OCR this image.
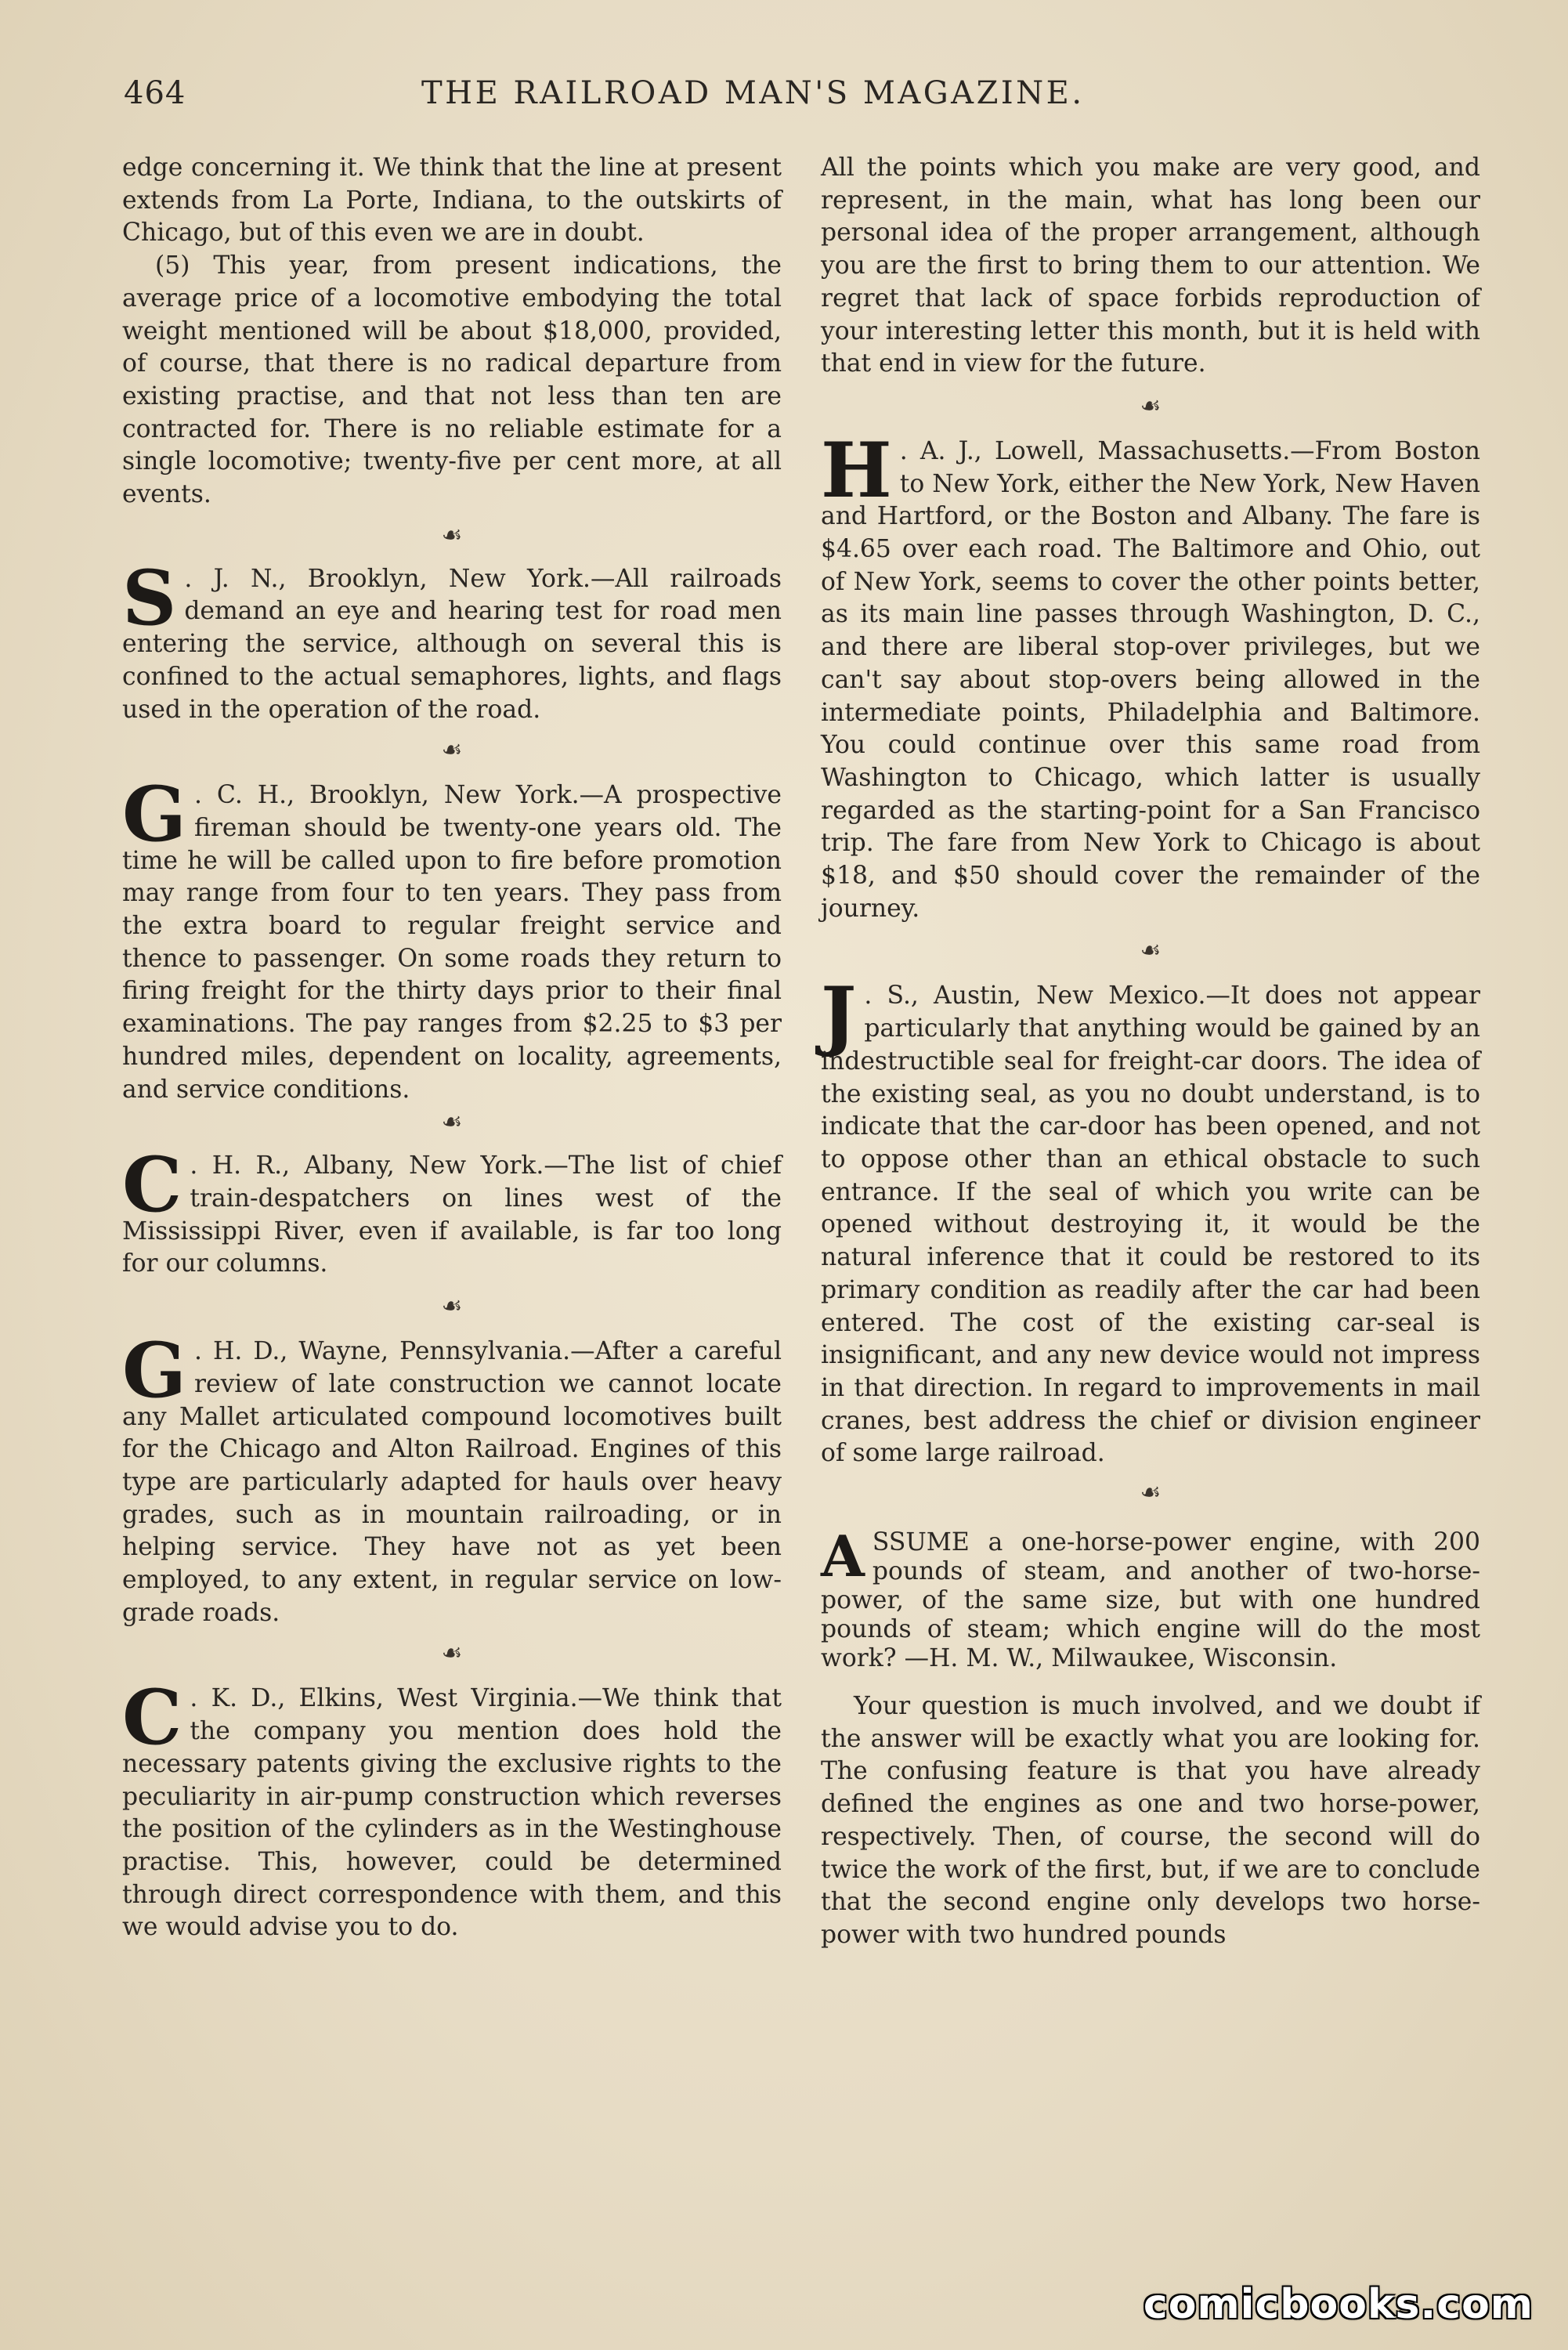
464	THE RAILROAD MAN'S MAGAZINE.

edge concerning it. We think that the line at present extends from La Porte, Indiana, to the outskirts of Chicago, but of this even we are in doubt.

(5) This year, from present indications, the average price of a locomotive embodying the total weight mentioned will be about $18,000, provided, of course, that there is no radical departure from existing practise, and that not less than ten are contracted for. There is no reliable estimate for a single locomotive; twenty-five per cent more, at all events.

☙

S . J. N., Brooklyn, New York.—All railroads demand an eye and hearing test for road men entering the service, although on several this is confined to the actual semaphores, lights, and flags used in the operation of the road.

☙

G . C. H., Brooklyn, New York.—A prospective fireman should be twenty-one years old. The time he will be called upon to fire before promotion may range from four to ten years. They pass from the extra board to regular freight service and thence to passenger. On some roads they return to firing freight for the thirty days prior to their final examinations. The pay ranges from $2.25 to $3 per hundred miles, dependent on locality, agreements, and service conditions.

☙

C . H. R., Albany, New York.—The list of chief train-despatchers on lines west of the Mississippi River, even if available, is far too long for our columns.

☙

G . H. D., Wayne, Pennsylvania.—After a careful review of late construction we cannot locate any Mallet articulated compound locomotives built for the Chicago and Alton Railroad. Engines of this type are particularly adapted for hauls over heavy grades, such as in mountain railroading, or in helping service. They have not as yet been employed, to any extent, in regular service on low-grade roads.

☙

C . K. D., Elkins, West Virginia.—We think that the company you mention does hold the necessary patents giving the exclusive rights to the peculiarity in air-pump construction which reverses the position of the cylinders as in the Westinghouse practise. This, however, could be determined through direct correspondence with them, and this we would advise you to do.

All the points which you make are very good, and represent, in the main, what has long been our personal idea of the proper arrangement, although you are the first to bring them to our attention. We regret that lack of space forbids reproduction of your interesting letter this month, but it is held with that end in view for the future.

☙

H . A. J., Lowell, Massachusetts.—From Boston to New York, either the New York, New Haven and Hartford, or the Boston and Albany. The fare is $4.65 over each road. The Baltimore and Ohio, out of New York, seems to cover the other points better, as its main line passes through Washington, D. C., and there are liberal stop-over privileges, but we can't say about stop-overs being allowed in the intermediate points, Philadelphia and Baltimore. You could continue over this same road from Washington to Chicago, which latter is usually regarded as the starting-point for a San Francisco trip. The fare from New York to Chicago is about $18, and $50 should cover the remainder of the journey.

☙

J . S., Austin, New Mexico.—It does not appear particularly that anything would be gained by an indestructible seal for freight-car doors. The idea of the existing seal, as you no doubt understand, is to indicate that the car-door has been opened, and not to oppose other than an ethical obstacle to such entrance. If the seal of which you write can be opened without destroying it, it would be the natural inference that it could be restored to its primary condition as readily after the car had been entered. The cost of the existing car-seal is insignificant, and any new device would not impress in that direction. In regard to improvements in mail cranes, best address the chief or division engineer of some large railroad.

☙

ASSUME a one-horse-power engine, with 200 pounds of steam, and another of two-horse-power, of the same size, but with one hundred pounds of steam; which engine will do the most work? —H. M. W., Milwaukee, Wisconsin.

Your question is much involved, and we doubt if the answer will be exactly what you are looking for. The confusing feature is that you have already defined the engines as one and two horse-power, respectively. Then, of course, the second will do twice the work of the first, but, if we are to conclude that the second engine only develops two horse-power with two hundred pounds

comicbooks.com
